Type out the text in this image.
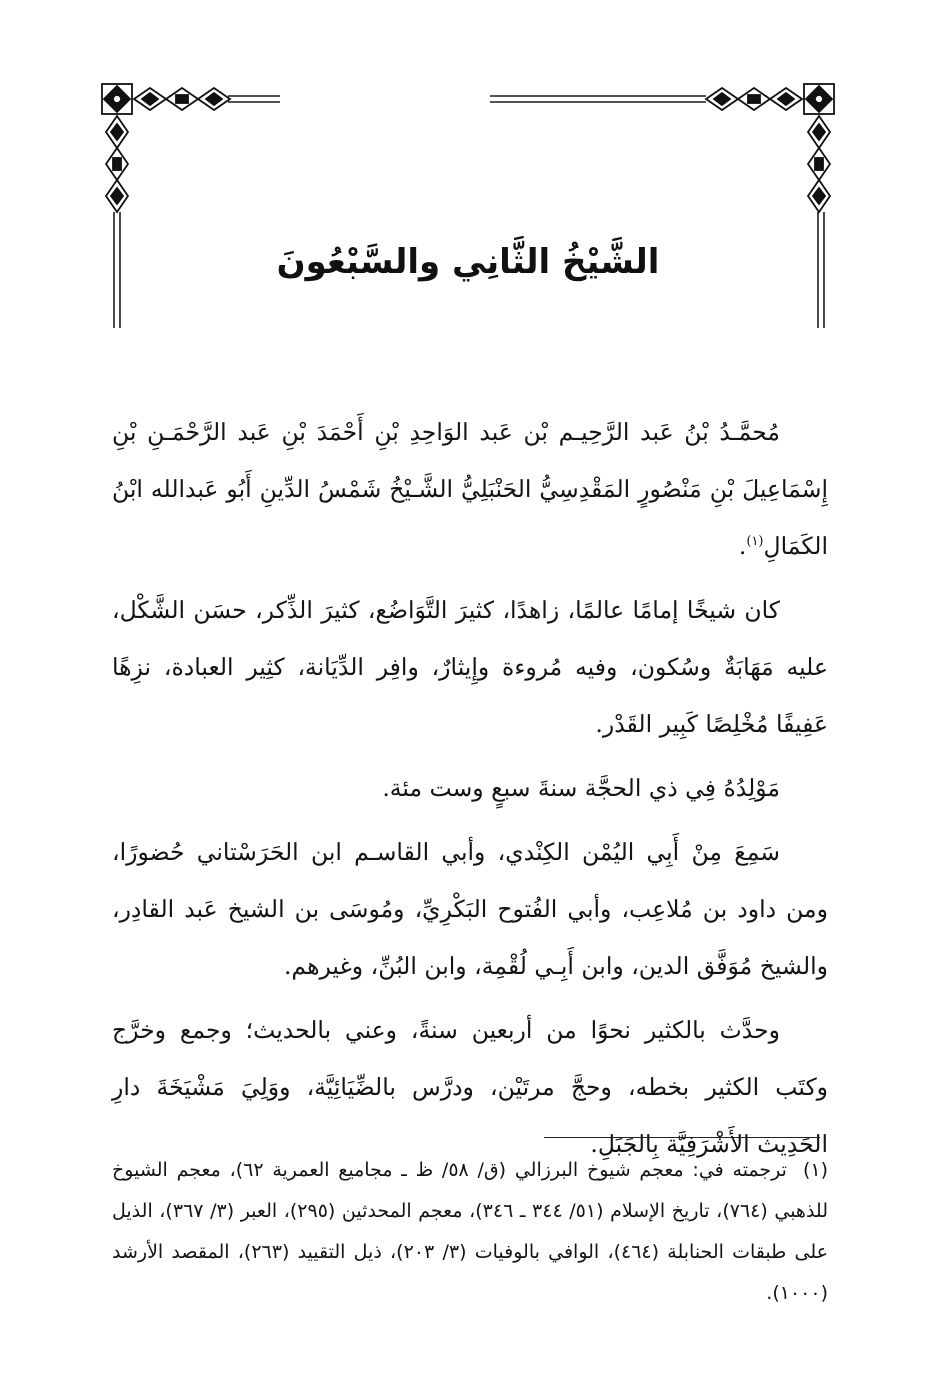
الشَّيْخُ الثَّانِي والسَّبْعُونَ

مُحمَّـدُ بْنُ عَبد الرَّحِيـم بْن عَبد الوَاحِدِ بْنِ أَحْمَدَ بْنِ عَبد الرَّحْمَـنِ بْنِ إِسْمَاعِيلَ بْنِ مَنْصُورٍ المَقْدِسِيُّ الحَنْبَلِيُّ الشَّـيْخُ شَمْسُ الدِّينِ أَبُو عَبدالله ابْنُ الكَمَالِ$^{(١)}$.

كان شيخًا إمامًا عالمًا، زاهدًا، كثيرَ التَّوَاضُع، كثيرَ الذِّكر، حسَن الشَّكْل، عليه مَهَابَةٌ وسُكون، وفيه مُروءة وإِيثارٌ، وافِر الدِّيَانة، كثِير العبادة، نزِهًا عَفِيفًا مُخْلِصًا كَبِير القَدْر.

مَوْلِدُهُ فِي ذي الحجَّة سنةَ سبعٍ وست مئة.

سَمِعَ مِنْ أَبِي اليُمْن الكِنْدي، وأبي القاسـم ابن الحَرَسْتاني حُضورًا، ومن داود بن مُلاعِب، وأبي الفُتوح البَكْرِيِّ، ومُوسَى بن الشيخ عَبد القادِر، والشيخ مُوَفَّق الدين، وابن أَبِـي لُقْمِة، وابن البُنِّ، وغيرهم.

وحدَّث بالكثير نحوًا من أربعين سنةً، وعني بالحديث؛ وجمع وخرَّج وكتَب الكثير بخطه، وحجَّ مرتَيْن، ودرَّس بالضِّيَائِيَّة، ووَلِيَ مَشْيَخَةَ دارِ الحَدِيث الأَشْرَفِيَّة بِالجَبَلِ.

(١)ترجمته في: معجم شيوخ البرزالي (ق/ ٥٨/ ظ ـ مجاميع العمرية ٦٢)، معجم الشيوخ للذهبي (٧٦٤)، تاريخ الإسلام (٥١/ ٣٤٤ ـ ٣٤٦)، معجم المحدثين (٢٩٥)، العبر (٣/ ٣٦٧)، الذيل على طبقات الحنابلة (٤٦٤)، الوافي بالوفيات (٣/ ٢٠٣)، ذيل التقييد (٢٦٣)، المقصد الأرشد (١٠٠٠).
